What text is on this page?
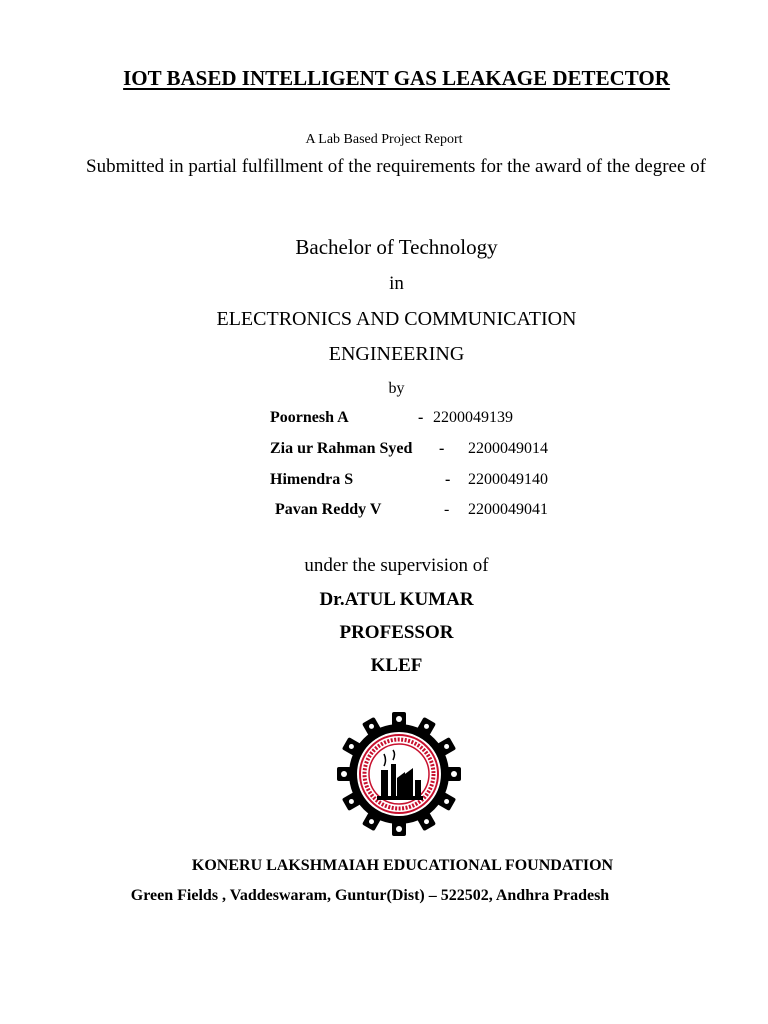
IOT BASED INTELLIGENT GAS LEAKAGE DETECTOR
A Lab Based Project Report
Submitted in partial fulfillment of the requirements for the award of the degree of
Bachelor of Technology
in
ELECTRONICS AND COMMUNICATION
ENGINEERING
by
Poornesh A	- 2200049139
Zia ur Rahman Syed - 2200049014
Himendra S	- 2200049140
Pavan Reddy V	- 2200049041
under the supervision of
Dr.ATUL KUMAR
PROFESSOR
KLEF
KONERU LAKSHMAIAH EDUCATIONAL FOUNDATION
Green Fields , Vaddeswaram, Guntur(Dist) – 522502, Andhra Pradesh
